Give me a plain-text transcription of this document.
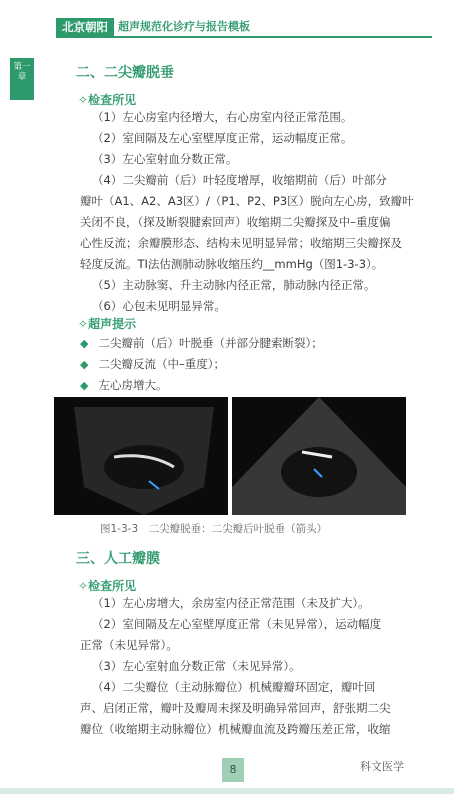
北京朝阳 超声规范化诊疗与报告模板
第一章	二、二尖瓣脱垂
✧检查所见
（1）左心房室内径增大，右心房室内径正常范围。
（2）室间隔及左心室壁厚度正常，运动幅度正常。
（3）左心室射血分数正常。
（4）二尖瓣前（后）叶轻度增厚，收缩期前（后）叶部分
瓣叶（A1、A2、A3区）/（P1、P2、P3区）脱向左心房，致瓣叶
关闭不良，（探及断裂腱索回声）收缩期二尖瓣探及中–重度偏
心性反流；余瓣膜形态、结构未见明显异常；收缩期三尖瓣探及
轻度反流。TI法估测肺动脉收缩压约__mmHg（图1-3-3）。
（5）主动脉窦、升主动脉内径正常，肺动脉内径正常。
（6）心包未见明显异常。
✧超声提示
◆ 二尖瓣前（后）叶脱垂（并部分腱索断裂）；
◆ 二尖瓣反流（中–重度）；
◆ 左心房增大。
图1-3-3　二尖瓣脱垂：二尖瓣后叶脱垂（箭头）
三、人工瓣膜
✧检查所见
（1）左心房增大，余房室内径正常范围（未及扩大）。
（2）室间隔及左心室壁厚度正常（未见异常），运动幅度
正常（未见异常）。
（3）左心室射血分数正常（未见异常）。
（4）二尖瓣位（主动脉瓣位）机械瓣瓣环固定，瓣叶回
声、启闭正常，瓣叶及瓣周未探及明确异常回声，舒张期二尖
瓣位（收缩期主动脉瓣位）机械瓣血流及跨瓣压差正常，收缩
8	科文医学
